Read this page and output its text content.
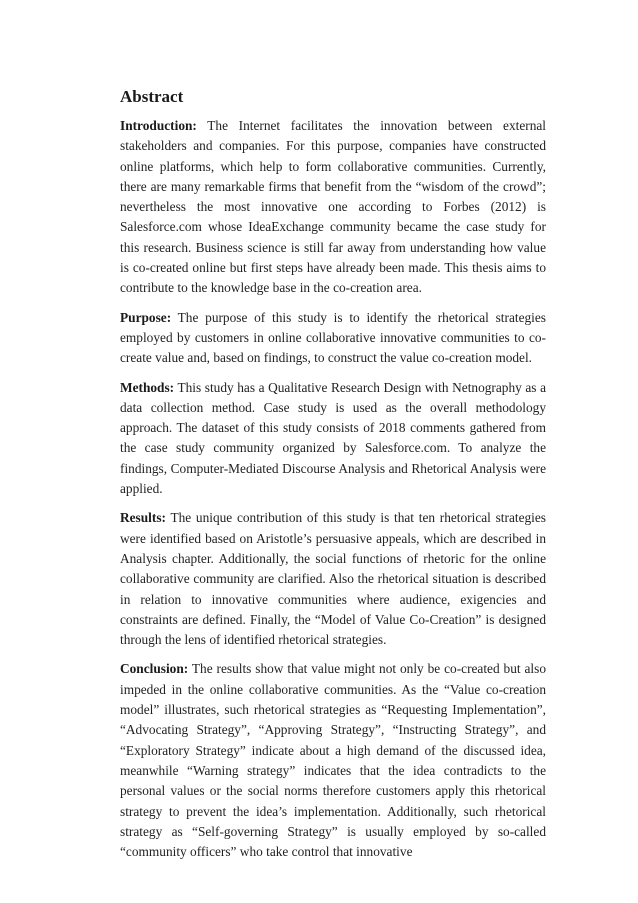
Abstract

Introduction: The Internet facilitates the innovation between external stakeholders and companies. For this purpose, companies have constructed online platforms, which help to form collaborative communities. Currently, there are many remarkable firms that benefit from the “wisdom of the crowd”; nevertheless the most innovative one according to Forbes (2012) is Salesforce.com whose IdeaExchange community became the case study for this research. Business science is still far away from understanding how value is co-created online but first steps have already been made. This thesis aims to contribute to the knowledge base in the co-creation area.

Purpose: The purpose of this study is to identify the rhetorical strategies employed by customers in online collaborative innovative communities to co-create value and, based on findings, to construct the value co-creation model.

Methods: This study has a Qualitative Research Design with Netnography as a data collection method. Case study is used as the overall methodology approach. The dataset of this study consists of 2018 comments gathered from the case study community organized by Salesforce.com. To analyze the findings, Computer-Mediated Discourse Analysis and Rhetorical Analysis were applied.

Results: The unique contribution of this study is that ten rhetorical strategies were identified based on Aristotle’s persuasive appeals, which are described in Analysis chapter. Additionally, the social functions of rhetoric for the online collaborative community are clarified. Also the rhetorical situation is described in relation to innovative communities where audience, exigencies and constraints are defined. Finally, the “Model of Value Co-Creation” is designed through the lens of identified rhetorical strategies.

Conclusion: The results show that value might not only be co-created but also impeded in the online collaborative communities. As the “Value co-creation model” illustrates, such rhetorical strategies as “Requesting Implementation”, “Advocating Strategy”, “Approving Strategy”, “Instructing Strategy”, and “Exploratory Strategy” indicate about a high demand of the discussed idea, meanwhile “Warning strategy” indicates that the idea contradicts to the personal values or the social norms therefore customers apply this rhetorical strategy to prevent the idea’s implementation. Additionally, such rhetorical strategy as “Self-governing Strategy” is usually employed by so-called “community officers” who take control that innovative
